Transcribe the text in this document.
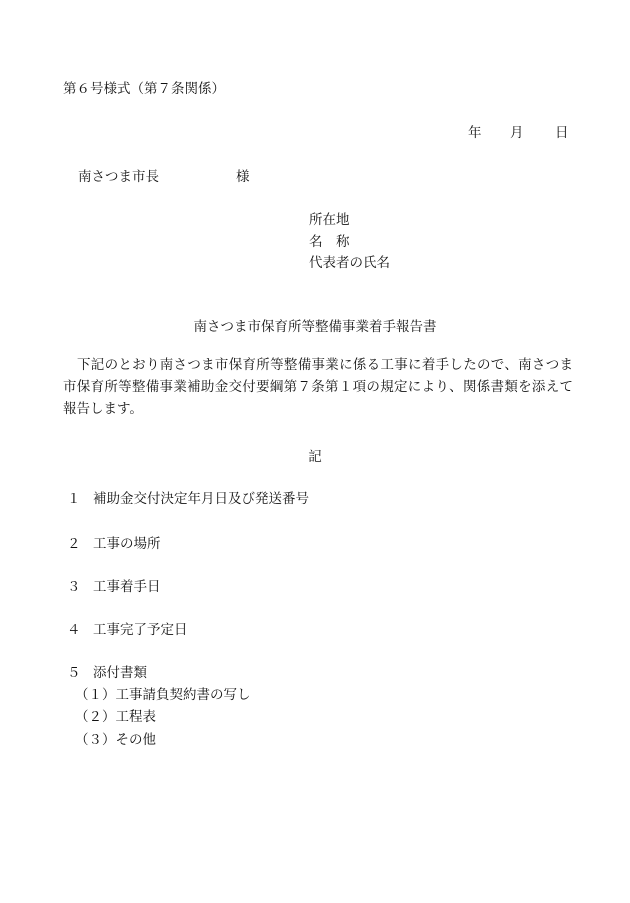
第６号様式（第７条関係）
年 月 日
南さつま市長	様
所在地
名　称
代表者の氏名
南さつま市保育所等整備事業着手報告書
下記のとおり南さつま市保育所等整備事業に係る工事に着手したので、南さつま市保育所等整備事業補助金交付要綱第７条第１項の規定により、関係書類を添えて報告します。
記
１ 補助金交付決定年月日及び発送番号
２ 工事の場所
３ 工事着手日
４ 工事完了予定日
５ 添付書類
（１）工事請負契約書の写し
（２）工程表
（３）その他
